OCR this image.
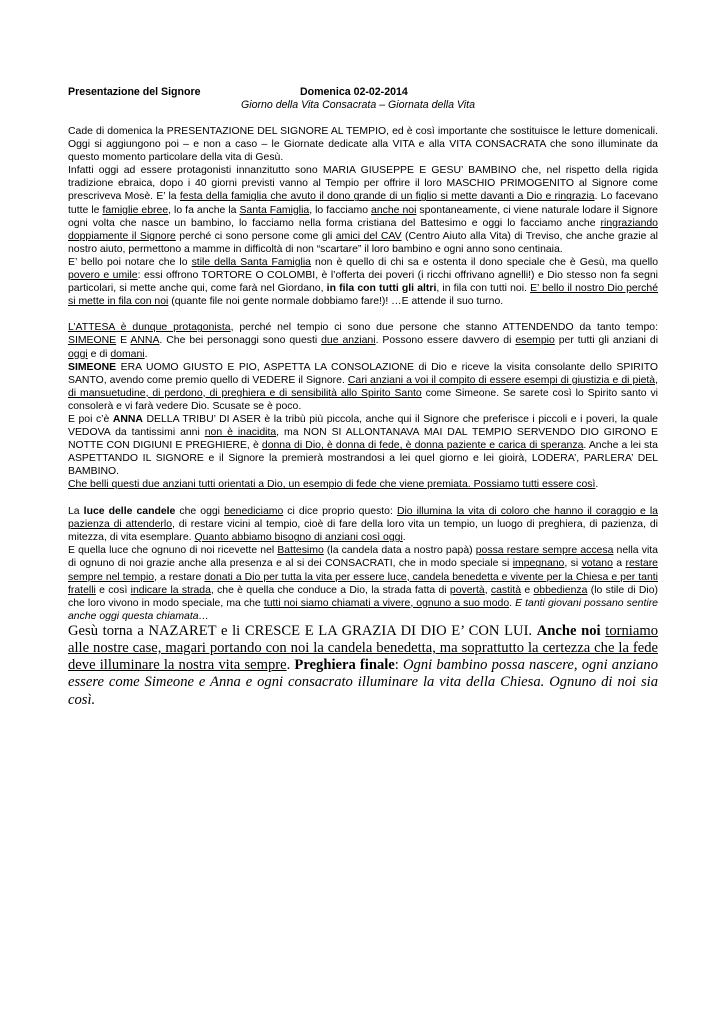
Presentazione del Signore	Domenica 02-02-2014
Giorno della Vita Consacrata – Giornata della Vita

Cade di domenica la PRESENTAZIONE DEL SIGNORE AL TEMPIO, ed è così importante che sostituisce le letture domenicali. Oggi si aggiungono poi – e non a caso – le Giornate dedicate alla VITA e alla VITA CONSACRATA che sono illuminate da questo momento particolare della vita di Gesù.

Infatti oggi ad essere protagonisti innanzitutto sono MARIA GIUSEPPE E GESU’ BAMBINO che, nel rispetto della rigida tradizione ebraica, dopo i 40 giorni previsti vanno al Tempio per offrire il loro MASCHIO PRIMOGENITO al Signore come prescriveva Mosè. E’ la festa della famiglia che avuto il dono grande di un figlio si mette davanti a Dio e ringrazia. Lo facevano tutte le famiglie ebree, lo fa anche la Santa Famiglia, lo facciamo anche noi spontaneamente, ci viene naturale lodare il Signore ogni volta che nasce un bambino, lo facciamo nella forma cristiana del Battesimo e oggi lo facciamo anche ringraziando doppiamente il Signore perché ci sono persone come gli amici del CAV (Centro Aiuto alla Vita) di Treviso, che anche grazie al nostro aiuto, permettono a mamme in difficoltà di non “scartare” il loro bambino e ogni anno sono centinaia.

E’ bello poi notare che lo stile della Santa Famiglia non è quello di chi sa e ostenta il dono speciale che è Gesù, ma quello povero e umile: essi offrono TORTORE O COLOMBI, è l’offerta dei poveri (i ricchi offrivano agnelli!) e Dio stesso non fa segni particolari, si mette anche qui, come farà nel Giordano, in fila con tutti gli altri, in fila con tutti noi. E’ bello il nostro Dio perché si mette in fila con noi (quante file noi gente normale dobbiamo fare!)! …E attende il suo turno.

L’ATTESA è dunque protagonista, perché nel tempio ci sono due persone che stanno ATTENDENDO da tanto tempo: SIMEONE E ANNA. Che bei personaggi sono questi due anziani. Possono essere davvero di esempio per tutti gli anziani di oggi e di domani.

SIMEONE ERA UOMO GIUSTO E PIO, ASPETTA LA CONSOLAZIONE di Dio e riceve la visita consolante dello SPIRITO SANTO, avendo come premio quello di VEDERE il Signore. Cari anziani a voi il compito di essere esempi di giustizia e di pietà, di mansuetudine, di perdono, di preghiera e di sensibilità allo Spirito Santo come Simeone. Se sarete così lo Spirito santo vi consolerà e vi farà vedere Dio. Scusate se è poco.

E poi c’è ANNA DELLA TRIBU’ DI ASER è la tribù più piccola, anche qui il Signore che preferisce i piccoli e i poveri, la quale VEDOVA da tantissimi anni non è inacidita, ma NON SI ALLONTANAVA MAI DAL TEMPIO SERVENDO DIO GIRONO E NOTTE CON DIGIUNI E PREGHIERE, è donna di Dio, è donna di fede, è donna paziente e carica di speranza. Anche a lei sta ASPETTANDO IL SIGNORE e il Signore la premierà mostrandosi a lei quel giorno e lei gioirà, LODERA’, PARLERA’ DEL BAMBINO.
Che belli questi due anziani tutti orientati a Dio, un esempio di fede che viene premiata. Possiamo tutti essere così.

La luce delle candele che oggi benediciamo ci dice proprio questo: Dio illumina la vita di coloro che hanno il coraggio e la pazienza di attenderlo, di restare vicini al tempio, cioè di fare della loro vita un tempio, un luogo di preghiera, di pazienza, di mitezza, di vita esemplare. Quanto abbiamo bisogno di anziani così oggi.

E quella luce che ognuno di noi ricevette nel Battesimo (la candela data a nostro papà) possa restare sempre accesa nella vita di ognuno di noi grazie anche alla presenza e al si dei CONSACRATI, che in modo speciale si impegnano, si votano a restare sempre nel tempio, a restare donati a Dio per tutta la vita per essere luce, candela benedetta e vivente per la Chiesa e per tanti fratelli e così indicare la strada, che è quella che conduce a Dio, la strada fatta di povertà, castità e obbedienza (lo stile di Dio) che loro vivono in modo speciale, ma che tutti noi siamo chiamati a vivere, ognuno a suo modo. E tanti giovani possano sentire anche oggi questa chiamata…

Gesù torna a NAZARET e li CRESCE E LA GRAZIA DI DIO E’ CON LUI. Anche noi torniamo alle nostre case, magari portando con noi la candela benedetta, ma soprattutto la certezza che la fede deve illuminare la nostra vita sempre. Preghiera finale: Ogni bambino possa nascere, ogni anziano essere come Simeone e Anna e ogni consacrato illuminare la vita della Chiesa. Ognuno di noi sia così.
